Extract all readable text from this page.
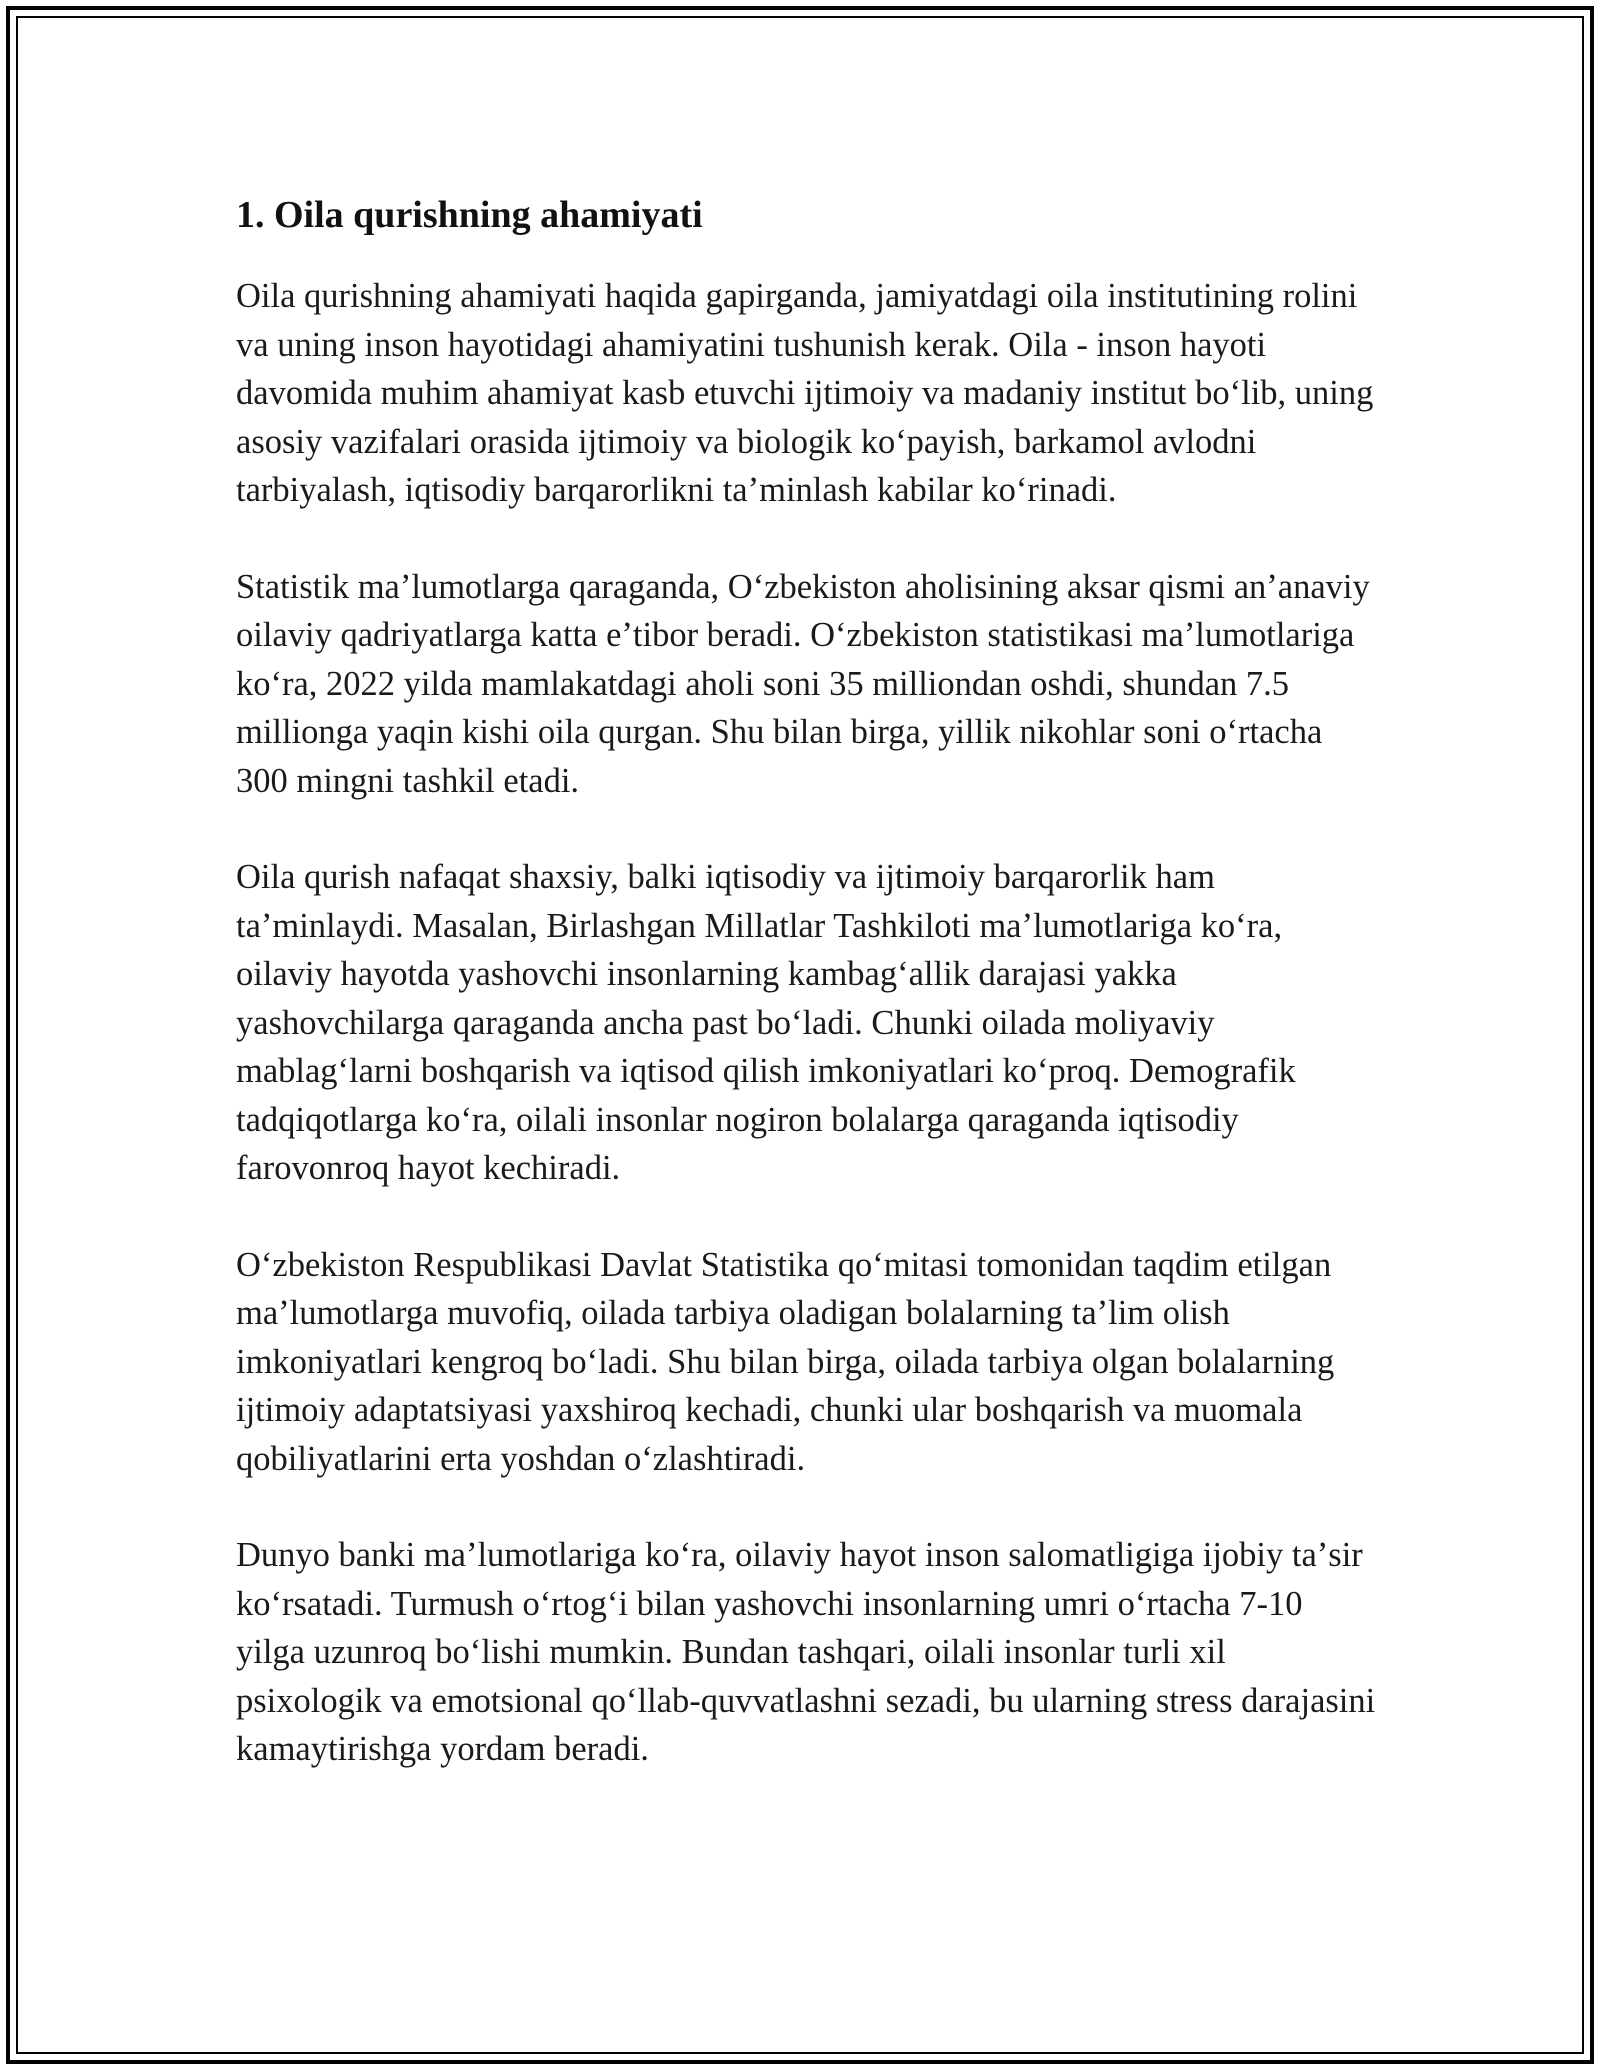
1. Oila qurishning ahamiyati

Oila qurishning ahamiyati haqida gapirganda, jamiyatdagi oila institutining rolini va uning inson hayotidagi ahamiyatini tushunish kerak. Oila - inson hayoti davomida muhim ahamiyat kasb etuvchi ijtimoiy va madaniy institut boʻlib, uning asosiy vazifalari orasida ijtimoiy va biologik koʻpayish, barkamol avlodni tarbiyalash, iqtisodiy barqarorlikni taʼminlash kabilar koʻrinadi.

Statistik maʼlumotlarga qaraganda, Oʻzbekiston aholisining aksar qismi anʼanaviy oilaviy qadriyatlarga katta eʼtibor beradi. Oʻzbekiston statistikasi maʼlumotlariga koʻra, 2022 yilda mamlakatdagi aholi soni 35 milliondan oshdi, shundan 7.5 millionga yaqin kishi oila qurgan. Shu bilan birga, yillik nikohlar soni oʻrtacha 300 mingni tashkil etadi.

Oila qurish nafaqat shaxsiy, balki iqtisodiy va ijtimoiy barqarorlik ham taʼminlaydi. Masalan, Birlashgan Millatlar Tashkiloti maʼlumotlariga koʻra, oilaviy hayotda yashovchi insonlarning kambagʻallik darajasi yakka yashovchilarga qaraganda ancha past boʻladi. Chunki oilada moliyaviy mablagʻlarni boshqarish va iqtisod qilish imkoniyatlari koʻproq. Demografik tadqiqotlarga koʻra, oilali insonlar nogiron bolalarga qaraganda iqtisodiy farovonroq hayot kechiradi.

Oʻzbekiston Respublikasi Davlat Statistika qoʻmitasi tomonidan taqdim etilgan maʼlumotlarga muvofiq, oilada tarbiya oladigan bolalarning taʼlim olish imkoniyatlari kengroq boʻladi. Shu bilan birga, oilada tarbiya olgan bolalarning ijtimoiy adaptatsiyasi yaxshiroq kechadi, chunki ular boshqarish va muomala qobiliyatlarini erta yoshdan oʻzlashtiradi.

Dunyo banki maʼlumotlariga koʻra, oilaviy hayot inson salomatligiga ijobiy taʼsir koʻrsatadi. Turmush oʻrtogʻi bilan yashovchi insonlarning umri oʻrtacha 7-10 yilga uzunroq boʻlishi mumkin. Bundan tashqari, oilali insonlar turli xil psixologik va emotsional qoʻllab-quvvatlashni sezadi, bu ularning stress darajasini kamaytirishga yordam beradi.
